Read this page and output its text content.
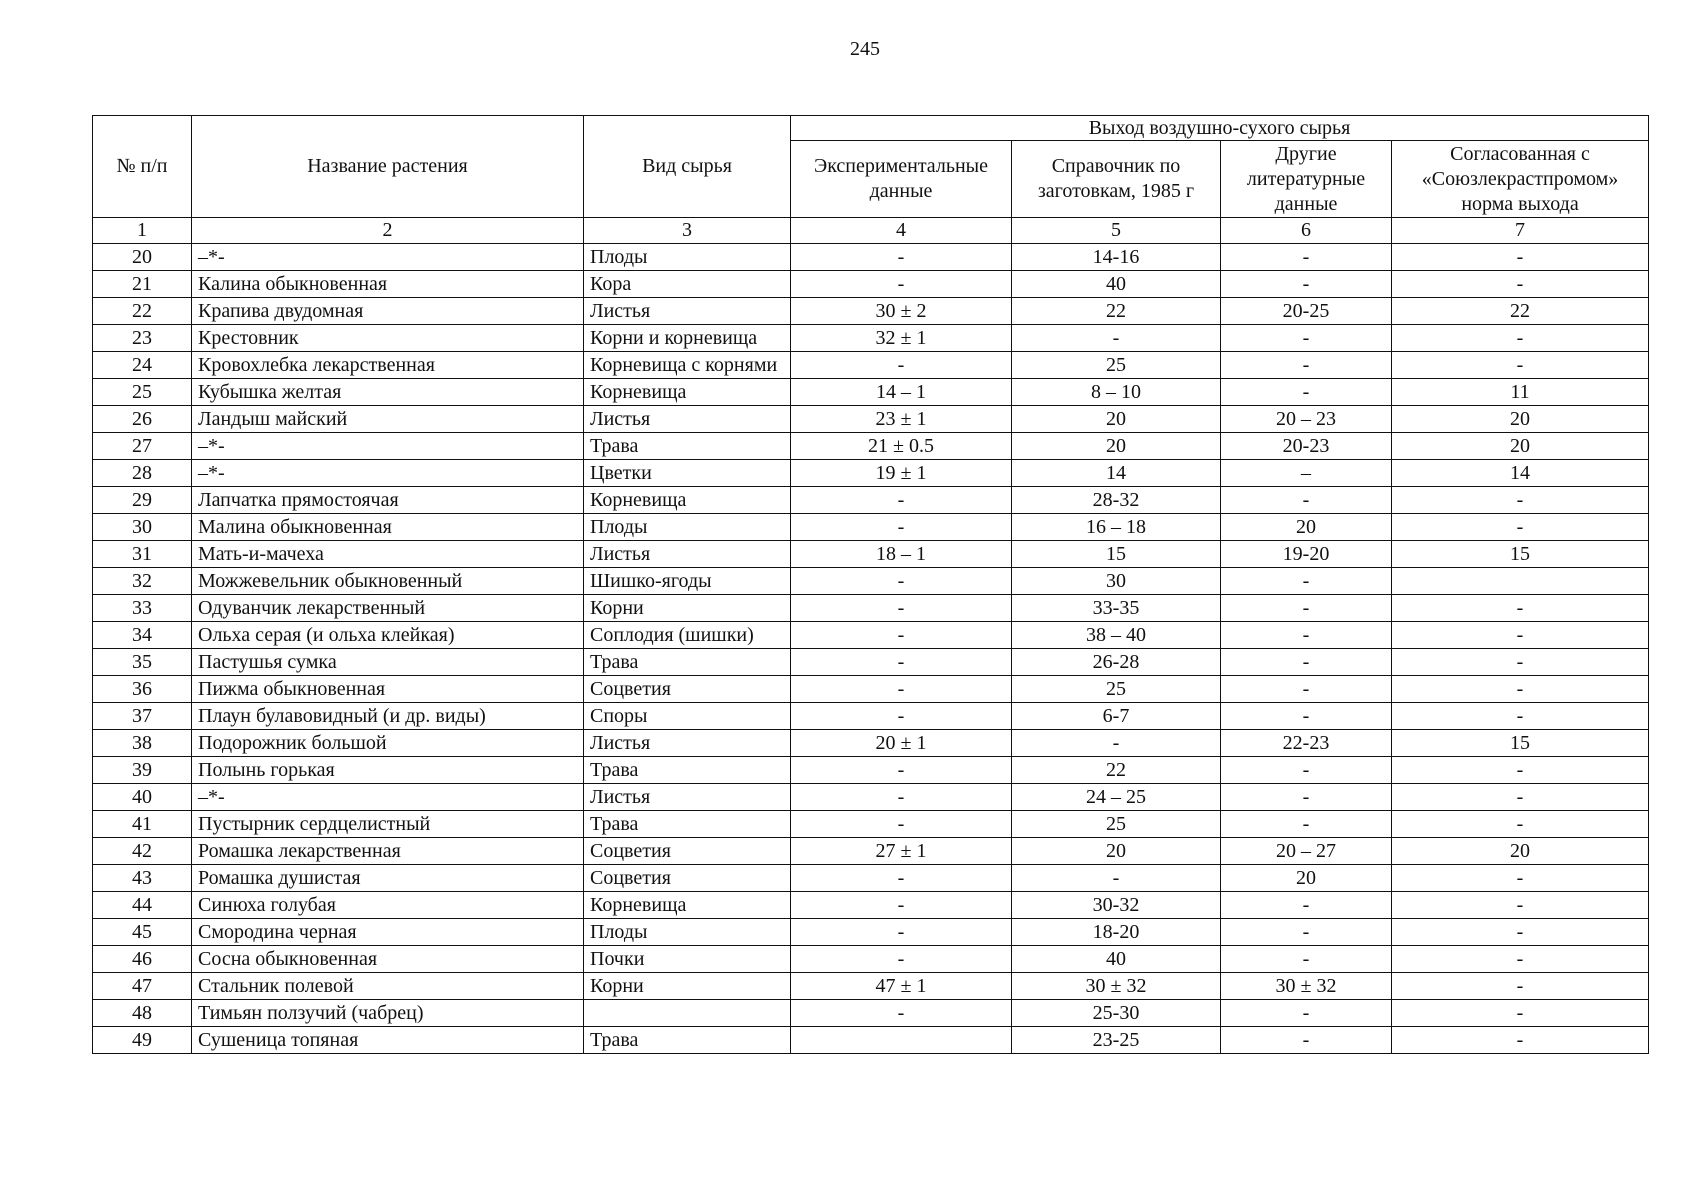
245
№ п/п	Название растения	Вид сырья	Выход воздушно-сухого сырья			
			Экспериментальные данные	Справочник по заготовкам, 1985 г	Другие литературные данные	Согласованная с «Союзлекрастпромом» норма выхода
1	2	3	4	5	6	7
20	–*-	Плоды	-	14-16	-	-
21	Калина обыкновенная	Кора	-	40	-	-
22	Крапива двудомная	Листья	30 ± 2	22	20-25	22
23	Крестовник	Корни и корневища	32 ± 1	-	-	-
24	Кровохлебка лекарственная	Корневища с корнями	-	25	-	-
25	Кубышка желтая	Корневища	14 – 1	8 – 10	-	11
26	Ландыш майский	Листья	23 ± 1	20	20 – 23	20
27	–*-	Трава	21 ± 0.5	20	20-23	20
28	–*-	Цветки	19 ± 1	14	–	14
29	Лапчатка прямостоячая	Корневища	-	28-32	-	-
30	Малина обыкновенная	Плоды	-	16 – 18	20	-
31	Мать-и-мачеха	Листья	18 – 1	15	19-20	15
32	Можжевельник обыкновенный	Шишко-ягоды	-	30	-	
33	Одуванчик лекарственный	Корни	-	33-35	-	-
34	Ольха серая (и ольха клейкая)	Соплодия (шишки)	-	38 – 40	-	-
35	Пастушья сумка	Трава	-	26-28	-	-
36	Пижма обыкновенная	Соцветия	-	25	-	-
37	Плаун булавовидный (и др. виды)	Споры	-	6-7	-	-
38	Подорожник большой	Листья	20 ± 1	-	22-23	15
39	Полынь горькая	Трава	-	22	-	-
40	–*-	Листья	-	24 – 25	-	-
41	Пустырник сердцелистный	Трава	-	25	-	-
42	Ромашка лекарственная	Соцветия	27 ± 1	20	20 – 27	20
43	Ромашка душистая	Соцветия	-	-	20	-
44	Синюха голубая	Корневища	-	30-32	-	-
45	Смородина черная	Плоды	-	18-20	-	-
46	Сосна обыкновенная	Почки	-	40	-	-
47	Стальник полевой	Корни	47 ± 1	30 ± 32	30 ± 32	-
48	Тимьян ползучий (чабрец)		-	25-30	-	-
49	Сушеница топяная	Трава		23-25	-	-
